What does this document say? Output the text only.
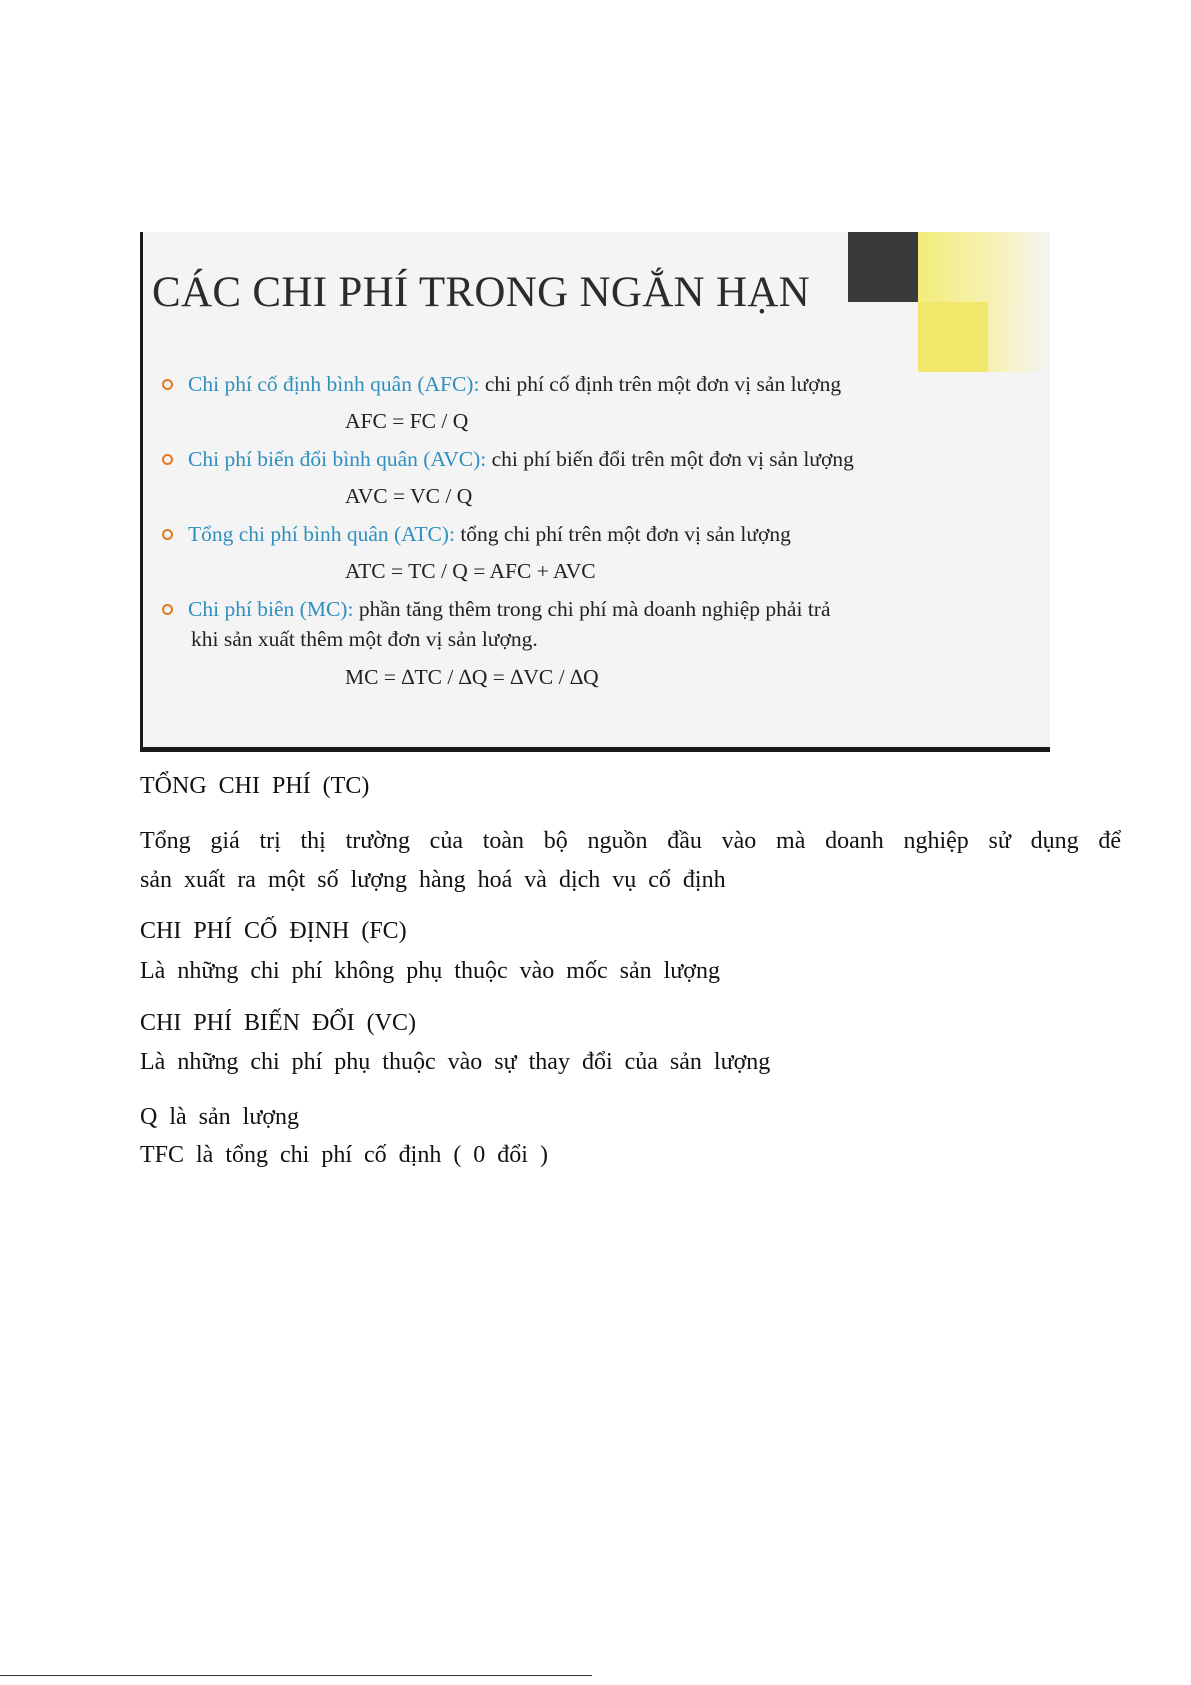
CÁC CHI PHÍ TRONG NGẮN HẠN
Chi phí cố định bình quân (AFC): chi phí cố định trên một đơn vị sản lượng
AFC = FC / Q
Chi phí biến đổi bình quân (AVC): chi phí biến đổi trên một đơn vị sản lượng
AVC = VC / Q
Tổng chi phí bình quân (ATC): tổng chi phí trên một đơn vị sản lượng
ATC = TC / Q = AFC + AVC
Chi phí biên (MC): phần tăng thêm trong chi phí mà doanh nghiệp phải trả
khi sản xuất thêm một đơn vị sản lượng.
MC = ∆TC / ∆Q = ∆VC / ∆Q
TỔNG CHI PHÍ (TC)
Tổng giá trị thị trường của toàn bộ nguồn đầu vào mà doanh nghiệp sử dụng để
sản xuất ra một số lượng hàng hoá và dịch vụ cố định
CHI PHÍ CỐ ĐỊNH (FC)
Là những chi phí không phụ thuộc vào mốc sản lượng
CHI PHÍ BIẾN ĐỔI (VC)
Là những chi phí phụ thuộc vào sự thay đổi của sản lượng
Q là sản lượng
TFC là tổng chi phí cố định ( 0 đổi )
